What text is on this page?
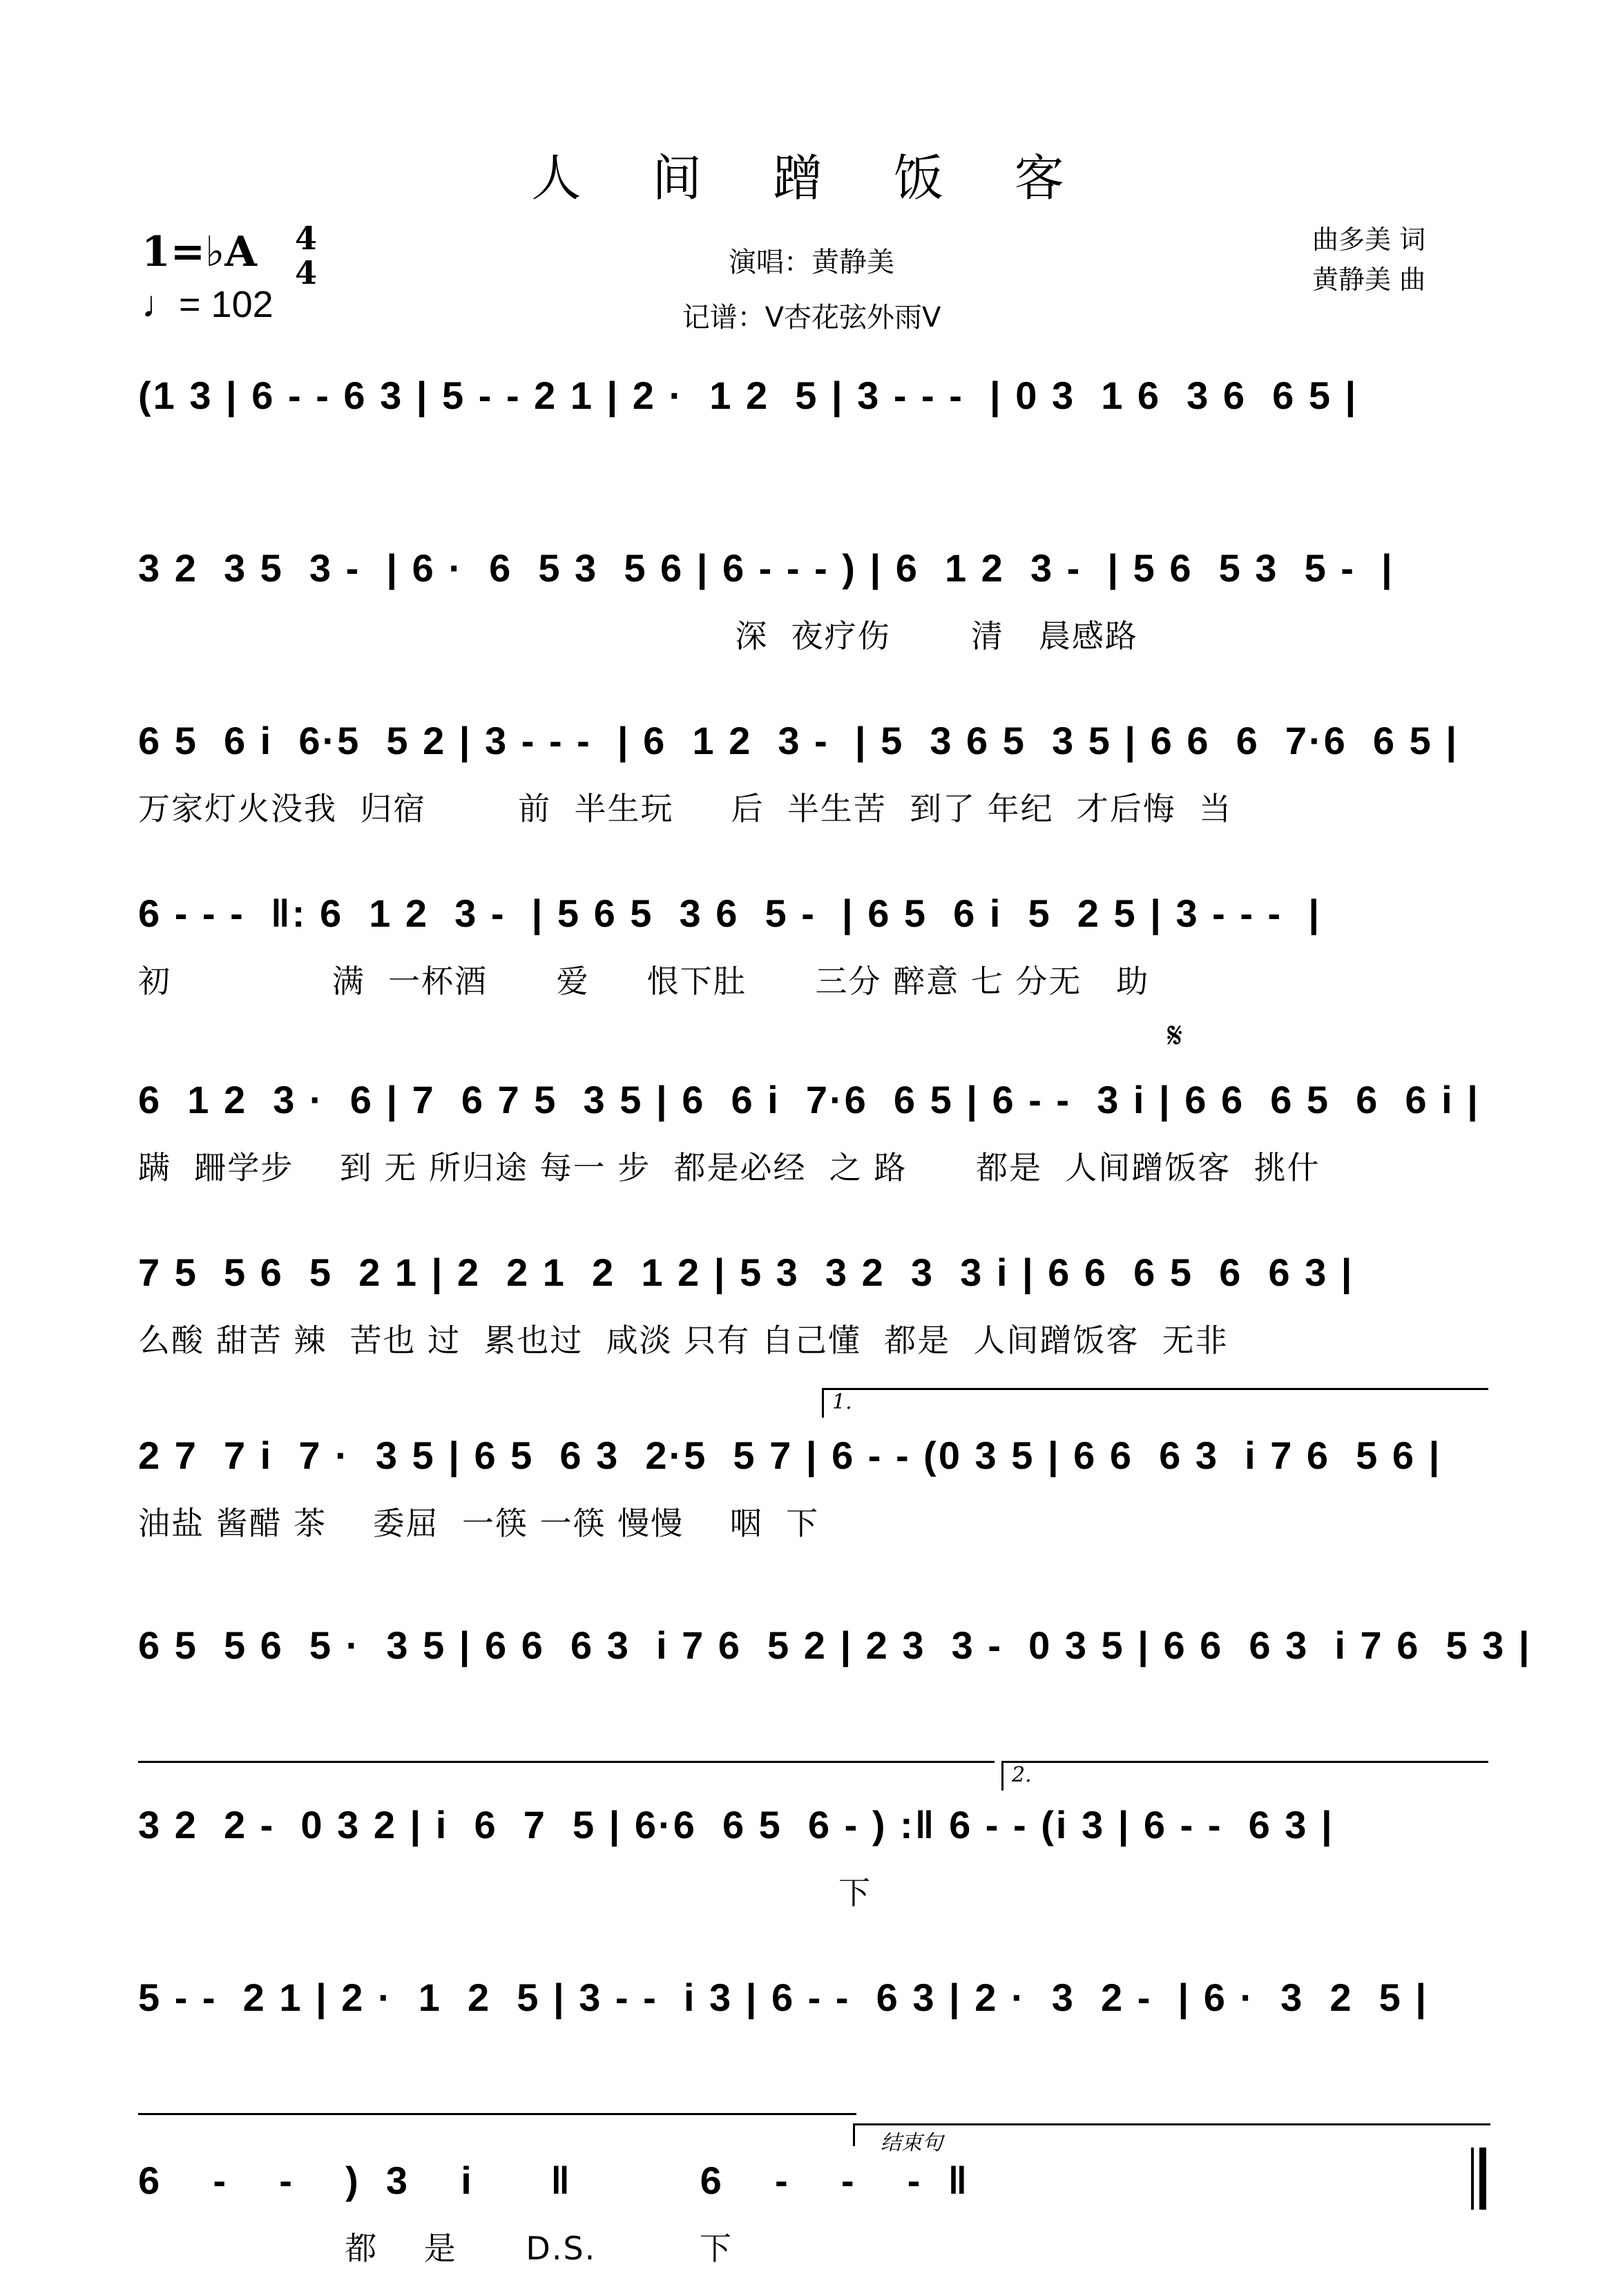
人 间 蹭 饭 客
1=♭A 4
4
♩= 102
演唱：黄静美
记谱：V杏花弦外雨V
曲多美 词
黄静美 曲
(1 3 | 6 - - 6 3 | 5 - - 2 1 | 2 ·  1 2  5 | 3 - - -  | 0 3  1 6  3 6  6 5 |
3 2  3 5  3 -  | 6 ·  6  5 3  5 6 | 6 - - - ) | 6  1 2  3 -  | 5 6  5 3  5 -  |
深  夜疗伤       清   晨感路
6 5  6 i  6·5  5 2 | 3 - - -  | 6  1 2  3 -  | 5  3 6 5  3 5 | 6 6  6  7·6  6 5 |
万家灯火没我  归宿        前  半生玩     后  半生苦  到了 年纪  才后悔  当
6 - - -  ‖: 6  1 2  3 -  | 5 6 5  3 6  5 -  | 6 5  6 i  5  2 5 | 3 - - -  |
初              满  一杯酒      爱     恨下肚      三分 醉意 七 分无   助
𝄋
6  1 2  3 ·  6 | 7  6 7 5  3 5 | 6  6 i  7·6  6 5 | 6 - -  3 i | 6 6  6 5  6  6 i |
蹒  跚学步    到 无 所归途 每一 步  都是必经  之 路      都是  人间蹭饭客  挑什
7 5  5 6  5  2 1 | 2  2 1  2  1 2 | 5 3  3 2  3  3 i | 6 6  6 5  6  6 3 |
么酸 甜苦 辣  苦也 过  累也过  咸淡 只有 自己懂  都是  人间蹭饭客  无非
1.
2 7  7 i  7 ·  3 5 | 6 5  6 3  2·5  5 7 | 6 - - (0 3 5 | 6 6  6 3  i 7 6  5 6 |
油盐 酱醋 茶    委屈  一筷 一筷 慢慢    咽  下
6 5  5 6  5 ·  3 5 | 6 6  6 3  i 7 6  5 2 | 2 3  3 -  0 3 5 | 6 6  6 3  i 7 6  5 3 |
2.
3 2  2 -  0 3 2 | i  6  7  5 | 6·6  6 5  6 - ) :‖ 6 - - (i 3 | 6 - -  6 3 |
下
5 - -  2 1 | 2 ·  1  2  5 | 3 - -  i 3 | 6 - -  6 3 | 2 ·  3  2 -  | 6 ·  3  2  5 |
结束句
6    -    -    )  3    i      ‖          6    -    -    -  ‖
都    是      D.S.         下
